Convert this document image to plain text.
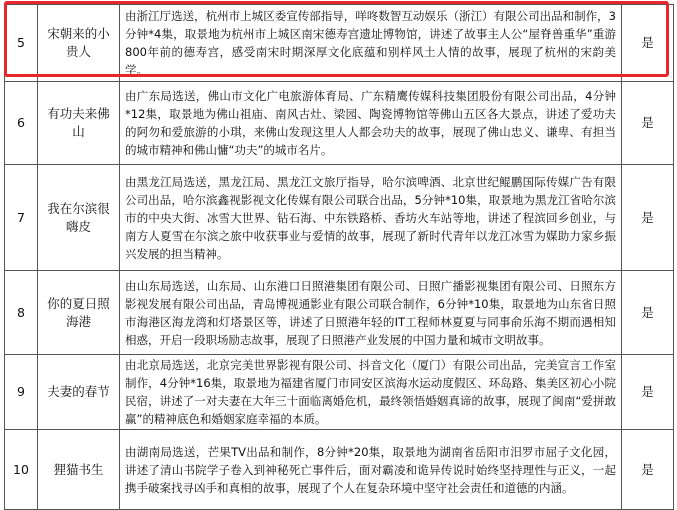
5	宋朝来的小贵人	由浙江厅选送，杭州市上城区委宣传部指导，咩咚数智互动娱乐（浙江）有限公司出品和制作，3分钟*4集，取景地为杭州市上城区南宋德寿宫遗址博物馆，讲述了故事主人公“屋脊兽重华”重游800年前的德寿宫，感受南宋时期深厚文化底蕴和别样风土人情的故事，展现了杭州的宋韵美学。	是
6	有功夫来佛山	由广东局选送，佛山市文化广电旅游体育局、广东精鹰传媒科技集团股份有限公司出品，4分钟*12集，取景地为佛山祖庙、南风古灶、梁园、陶瓷博物馆等佛山五区各大景点，讲述了爱功夫的阿勿和爱旅游的小琪，来佛山发现这里人人都会功夫的故事，展现了佛山忠义、谦卑、有担当的城市精神和佛山慵“功夫”的城市名片。	是
7	我在尔滨很嗨皮	由黑龙江局选送，黑龙江局、黑龙江文旅厅指导，哈尔滨啤酒、北京世纪鲲鹏国际传媒广告有限公司出品，哈尔滨鑫视影视文化传媒有限公司联合出品，5分钟*10集，取景地为黑龙江省哈尔滨市的中央大街、冰雪大世界、钻石海、中东铁路桥、香坊火车站等地，讲述了程滨回乡创业，与南方人夏雪在尔滨之旅中收获事业与爱情的故事，展现了新时代青年以龙江冰雪为媒助力家乡振兴发展的担当精神。	是
8	你的夏日照海港	由山东局选送，山东局、山东港口日照港集团有限公司、日照广播影视集团有限公司、日照东方影视发展有限公司出品，青岛博视通影业有限公司联合制作，6分钟*10集，取景地为山东省日照市海港区海龙湾和灯塔景区等，讲述了日照港年轻的IT工程师林夏夏与同事俞乐海不期而遇相知相惑，开启一段职场励志故事，展现了日照港产业发展的中国力量和城市文明故事。	是
9	夫妻的春节	由北京局选送，北京完美世界影视有限公司、抖音文化（厦门）有限公司出品，完美宣言工作室制作，4分钟*16集，取景地为福建省厦门市同安区滨海水运动度假区、环岛路、集美区初心小院民宿，讲述了一对夫妻在大年三十面临离婚危机，最终领悟婚姻真谛的故事，展现了闽南“爱拼敢赢”的精神底色和婚姻家庭幸福的本质。	是
10	狸猫书生	由湖南局选送，芒果TV出品和制作，8分钟*20集，取景地为湖南省岳阳市汨罗市屈子文化园，讲述了清山书院学子卷入到神秘死亡事件后，面对霸凌和诡异传说时始终坚持理性与正义，一起携手破案找寻凶手和真相的故事，展现了个人在复杂环境中坚守社会责任和道德的内涵。	是
